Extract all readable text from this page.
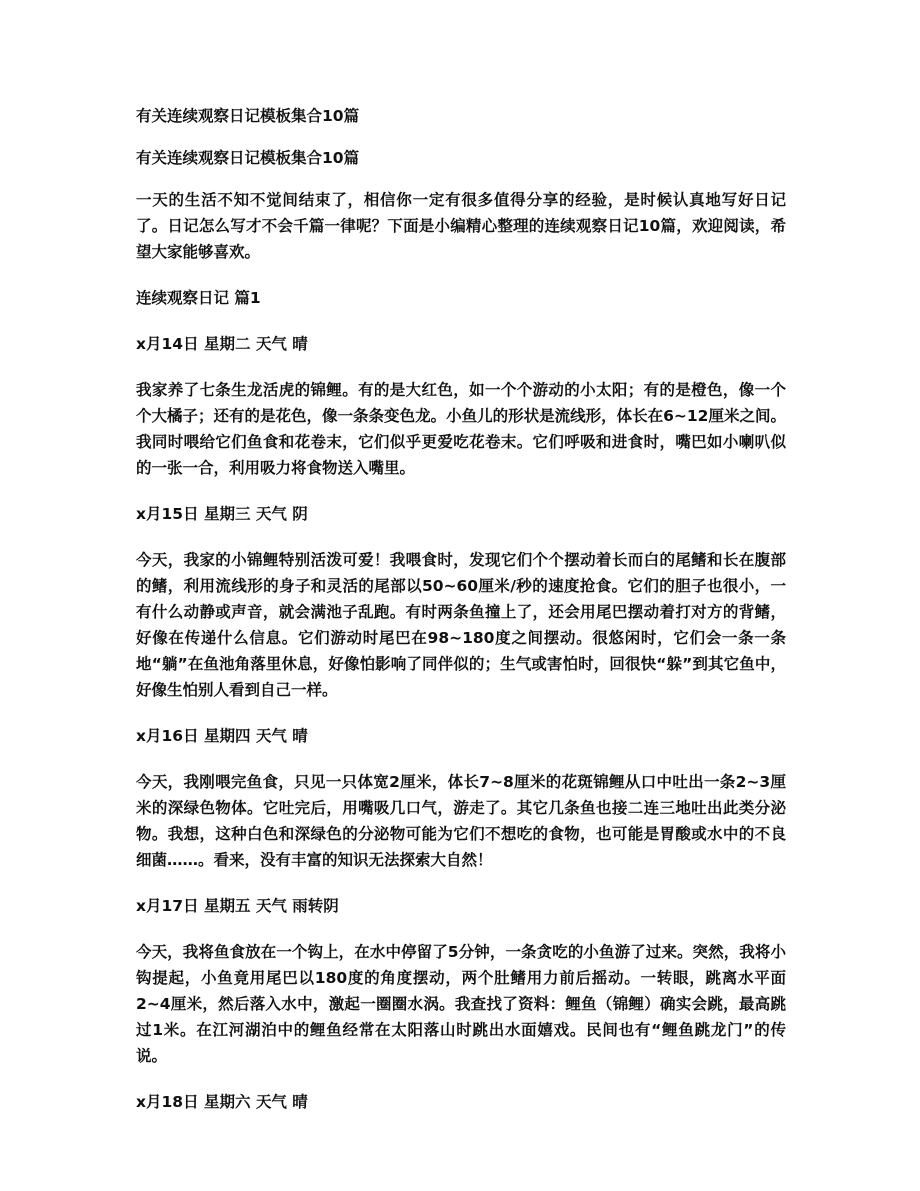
有关连续观察日记模板集合10篇

有关连续观察日记模板集合10篇

一天的生活不知不觉间结束了，相信你一定有很多值得分享的经验，是时候认真地写好日记了。日记怎么写才不会千篇一律呢？下面是小编精心整理的连续观察日记10篇，欢迎阅读，希望大家能够喜欢。

连续观察日记 篇1

x月14日 星期二 天气 晴

我家养了七条生龙活虎的锦鲤。有的是大红色，如一个个游动的小太阳；有的是橙色，像一个个大橘子；还有的是花色，像一条条变色龙。小鱼儿的形状是流线形，体长在6~12厘米之间。我同时喂给它们鱼食和花卷末，它们似乎更爱吃花卷末。它们呼吸和进食时，嘴巴如小喇叭似的一张一合，利用吸力将食物送入嘴里。

x月15日 星期三 天气 阴

今天，我家的小锦鲤特别活泼可爱！我喂食时，发现它们个个摆动着长而白的尾鳍和长在腹部的鳍，利用流线形的身子和灵活的尾部以50~60厘米/秒的速度抢食。它们的胆子也很小，一有什么动静或声音，就会满池子乱跑。有时两条鱼撞上了，还会用尾巴摆动着打对方的背鳍，好像在传递什么信息。它们游动时尾巴在98~180度之间摆动。很悠闲时，它们会一条一条地“躺”在鱼池角落里休息，好像怕影响了同伴似的；生气或害怕时，回很快“躲”到其它鱼中，好像生怕别人看到自己一样。

x月16日 星期四 天气 晴

今天，我刚喂完鱼食，只见一只体宽2厘米，体长7~8厘米的花斑锦鲤从口中吐出一条2~3厘米的深绿色物体。它吐完后，用嘴吸几口气，游走了。其它几条鱼也接二连三地吐出此类分泌物。我想，这种白色和深绿色的分泌物可能为它们不想吃的食物，也可能是胃酸或水中的不良细菌……。看来，没有丰富的知识无法探索大自然！

x月17日 星期五 天气 雨转阴

今天，我将鱼食放在一个钩上，在水中停留了5分钟，一条贪吃的小鱼游了过来。突然，我将小钩提起，小鱼竟用尾巴以180度的角度摆动，两个肚鳍用力前后摇动。一转眼，跳离水平面2~4厘米，然后落入水中，激起一圈圈水涡。我查找了资料：鲤鱼（锦鲤）确实会跳，最高跳过1米。在江河湖泊中的鲤鱼经常在太阳落山时跳出水面嬉戏。民间也有“鲤鱼跳龙门”的传说。

x月18日 星期六 天气 晴
